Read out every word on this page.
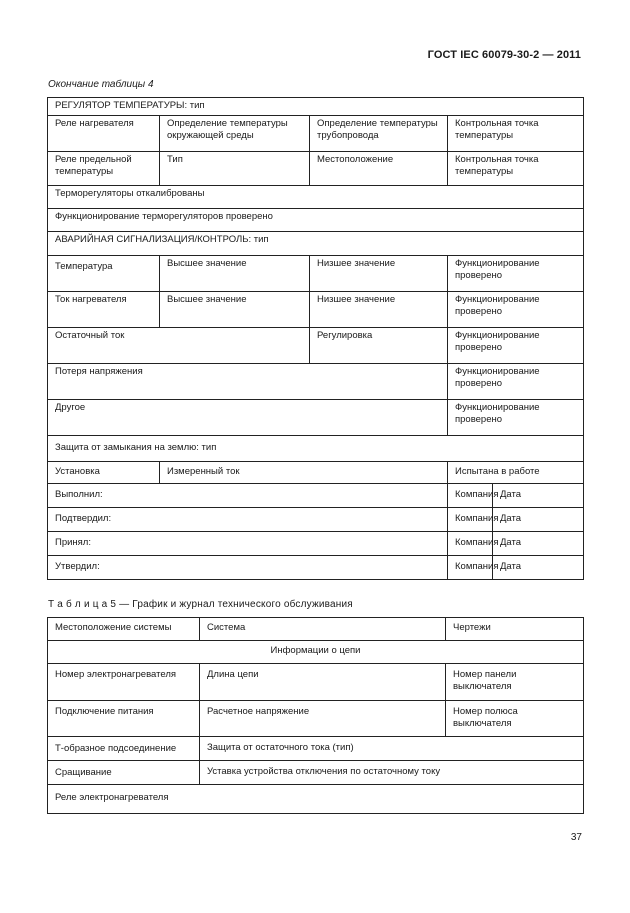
ГОСТ IEC 60079-30-2 — 2011
Окончание таблицы 4
РЕГУЛЯТОР ТЕМПЕРАТУРЫ: тип				
Реле нагревателя	Определение температуры окружающей среды	Определение температуры трубопровода	Контрольная точка температуры	
Реле предельной температуры	Тип	Местоположение	Контрольная точка температуры	
Терморегуляторы откалиброваны				
Функционирование терморегуляторов проверено				
АВАРИЙНАЯ СИГНАЛИЗАЦИЯ/КОНТРОЛЬ: тип				
Температура	Высшее значение	Низшее значение	Функционирование проверено	
Ток нагревателя	Высшее значение	Низшее значение	Функционирование проверено	
Остаточный ток		Регулировка	Функционирование проверено	
Потеря напряжения			Функционирование проверено	
Другое			Функционирование проверено	
Защита от замыкания на землю: тип				
Установка	Измеренный ток		Испытана в работе	
Выполнил:			Компания	Дата
Подтвердил:			Компания	Дата
Принял:			Компания	Дата
Утвердил:			Компания	Дата
Т а б л и ц а 5 — График и журнал технического обслуживания
Местоположение системы	Система	Чертежи
Информации о цепи		
Номер электронагревателя	Длина цепи	Номер панели выключателя
Подключение питания	Расчетное напряжение	Номер полюса выключателя
Т-образное подсоединение	Защита от остаточного тока (тип)	
Сращивание	Уставка устройства отключения по остаточному току	
Реле электронагревателя		
37
